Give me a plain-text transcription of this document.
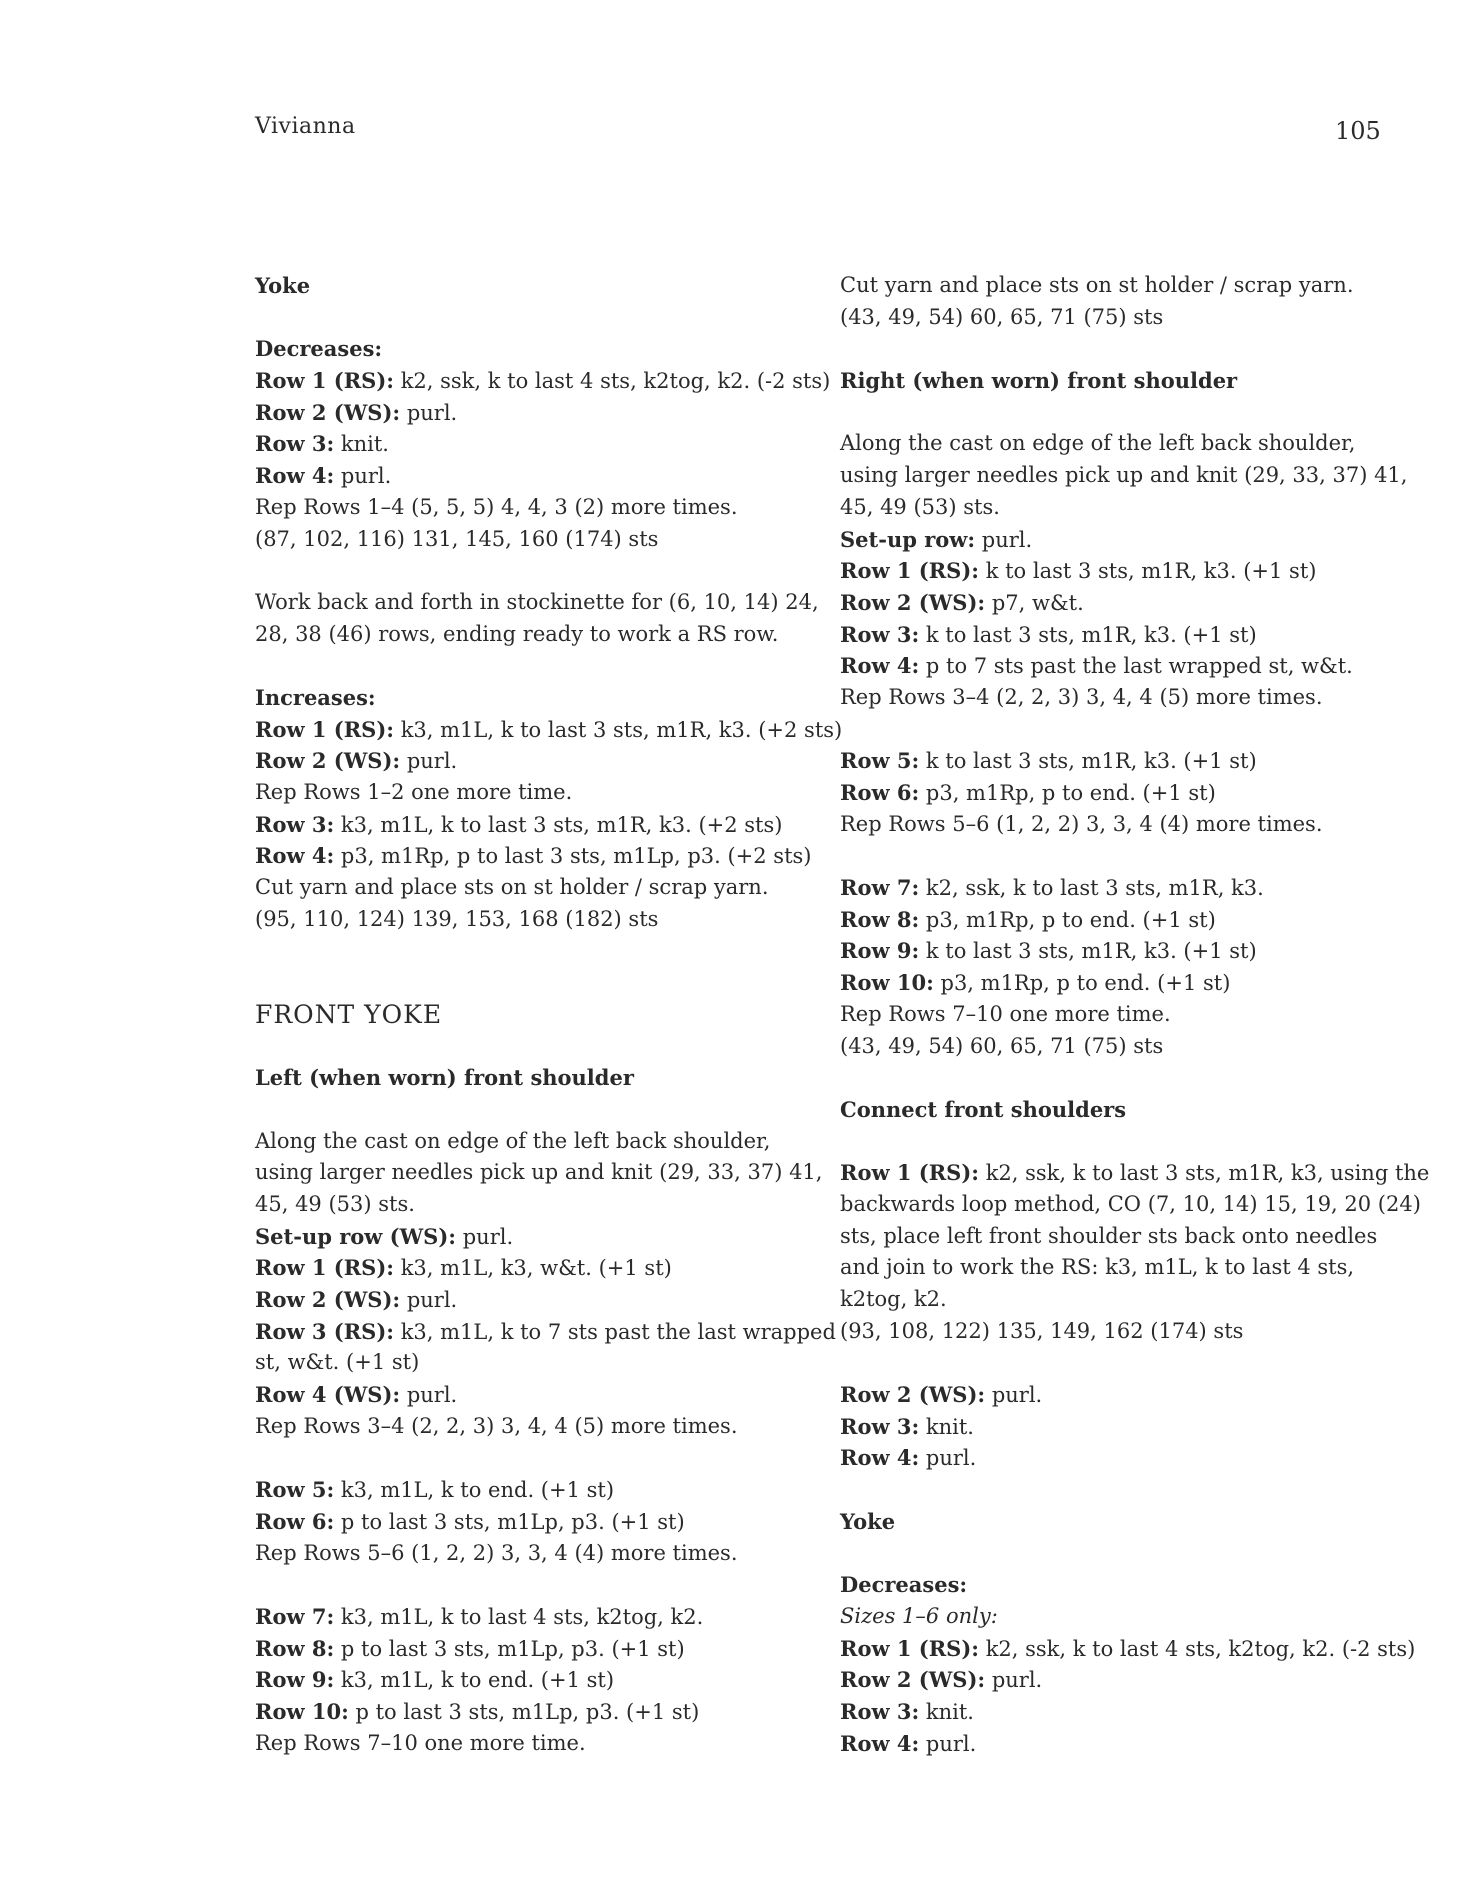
Vivianna	105
Yoke
Decreases:
Row 1 (RS): k2, ssk, k to last 4 sts, k2tog, k2. (-2 sts)
Row 2 (WS): purl.
Row 3: knit.
Row 4: purl.
Rep Rows 1–4 (5, 5, 5) 4, 4, 3 (2) more times.
(87, 102, 116) 131, 145, 160 (174) sts
Work back and forth in stockinette for (6, 10, 14) 24,
28, 38 (46) rows, ending ready to work a RS row.
Increases:
Row 1 (RS): k3, m1L, k to last 3 sts, m1R, k3. (+2 sts)
Row 2 (WS): purl.
Rep Rows 1–2 one more time.
Row 3: k3, m1L, k to last 3 sts, m1R, k3. (+2 sts)
Row 4: p3, m1Rp, p to last 3 sts, m1Lp, p3. (+2 sts)
Cut yarn and place sts on st holder / scrap yarn.
(95, 110, 124) 139, 153, 168 (182) sts
FRONT YOKE
Left (when worn) front shoulder
Along the cast on edge of the left back shoulder,
using larger needles pick up and knit (29, 33, 37) 41,
45, 49 (53) sts.
Set-up row (WS): purl.
Row 1 (RS): k3, m1L, k3, w&t. (+1 st)
Row 2 (WS): purl.
Row 3 (RS): k3, m1L, k to 7 sts past the last wrapped
st, w&t. (+1 st)
Row 4 (WS): purl.
Rep Rows 3–4 (2, 2, 3) 3, 4, 4 (5) more times.
Row 5: k3, m1L, k to end. (+1 st)
Row 6: p to last 3 sts, m1Lp, p3. (+1 st)
Rep Rows 5–6 (1, 2, 2) 3, 3, 4 (4) more times.
Row 7: k3, m1L, k to last 4 sts, k2tog, k2.
Row 8: p to last 3 sts, m1Lp, p3. (+1 st)
Row 9: k3, m1L, k to end. (+1 st)
Row 10: p to last 3 sts, m1Lp, p3. (+1 st)
Rep Rows 7–10 one more time.
Cut yarn and place sts on st holder / scrap yarn.
(43, 49, 54) 60, 65, 71 (75) sts
Right (when worn) front shoulder
Along the cast on edge of the left back shoulder,
using larger needles pick up and knit (29, 33, 37) 41,
45, 49 (53) sts.
Set-up row: purl.
Row 1 (RS): k to last 3 sts, m1R, k3. (+1 st)
Row 2 (WS): p7, w&t.
Row 3: k to last 3 sts, m1R, k3. (+1 st)
Row 4: p to 7 sts past the last wrapped st, w&t.
Rep Rows 3–4 (2, 2, 3) 3, 4, 4 (5) more times.
Row 5: k to last 3 sts, m1R, k3. (+1 st)
Row 6: p3, m1Rp, p to end. (+1 st)
Rep Rows 5–6 (1, 2, 2) 3, 3, 4 (4) more times.
Row 7: k2, ssk, k to last 3 sts, m1R, k3.
Row 8: p3, m1Rp, p to end. (+1 st)
Row 9: k to last 3 sts, m1R, k3. (+1 st)
Row 10: p3, m1Rp, p to end. (+1 st)
Rep Rows 7–10 one more time.
(43, 49, 54) 60, 65, 71 (75) sts
Connect front shoulders
Row 1 (RS): k2, ssk, k to last 3 sts, m1R, k3, using the
backwards loop method, CO (7, 10, 14) 15, 19, 20 (24)
sts, place left front shoulder sts back onto needles
and join to work the RS: k3, m1L, k to last 4 sts,
k2tog, k2.
(93, 108, 122) 135, 149, 162 (174) sts
Row 2 (WS): purl.
Row 3: knit.
Row 4: purl.
Yoke
Decreases:
Sizes 1–6 only:
Row 1 (RS): k2, ssk, k to last 4 sts, k2tog, k2. (-2 sts)
Row 2 (WS): purl.
Row 3: knit.
Row 4: purl.
